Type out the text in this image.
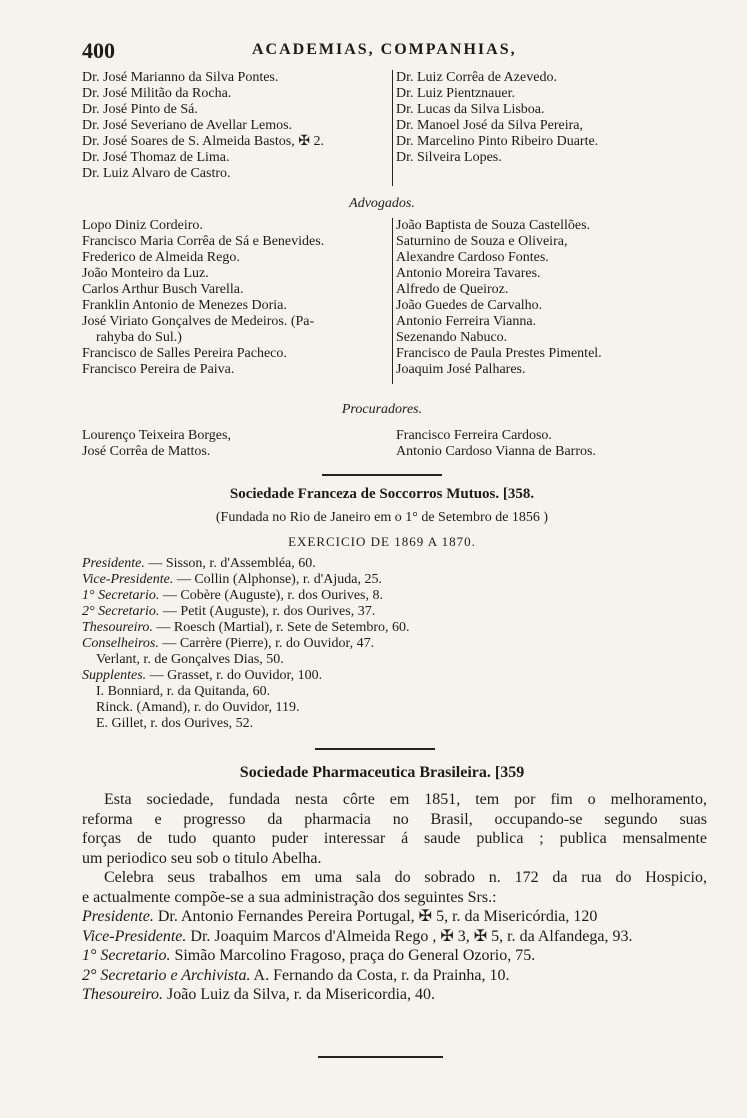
400	ACADEMIAS, COMPANHIAS,
Dr. José Marianno da Silva Pontes.
Dr. José Militão da Rocha.
Dr. José Pinto de Sá.
Dr. José Severiano de Avellar Lemos.
Dr. José Soares de S. Almeida Bastos, ✠ 2.
Dr. José Thomaz de Lima.
Dr. Luiz Alvaro de Castro.
Dr. Luiz Corrêa de Azevedo.
Dr. Luiz Pientznauer.
Dr. Lucas da Silva Lisboa.
Dr. Manoel José da Silva Pereira,
Dr. Marcelino Pinto Ribeiro Duarte.
Dr. Silveira Lopes.
Advogados.
Lopo Diniz Cordeiro.
Francisco Maria Corrêa de Sá e Benevides.
Frederico de Almeida Rego.
João Monteiro da Luz.
Carlos Arthur Busch Varella.
Franklin Antonio de Menezes Doria.
José Viriato Gonçalves de Medeiros. (Pa-
rahyba do Sul.)
Francisco de Salles Pereira Pacheco.
Francisco Pereira de Paiva.
João Baptista de Souza Castellões.
Saturnino de Souza e Oliveira,
Alexandre Cardoso Fontes.
Antonio Moreira Tavares.
Alfredo de Queiroz.
João Guedes de Carvalho.
Antonio Ferreira Vianna.
Sezenando Nabuco.
Francisco de Paula Prestes Pimentel.
Joaquim José Palhares.
Procuradores.
Lourenço Teixeira Borges,
José Corrêa de Mattos.
Francisco Ferreira Cardoso.
Antonio Cardoso Vianna de Barros.
Sociedade Franceza de Soccorros Mutuos. [358.
(Fundada no Rio de Janeiro em o 1° de Setembro de 1856 )
EXERCICIO DE 1869 A 1870.
Presidente. — Sisson, r. d'Assembléa, 60.
Vice-Presidente. — Collin (Alphonse), r. d'Ajuda, 25.
1° Secretario. — Cobère (Auguste), r. dos Ourives, 8.
2° Secretario. — Petit (Auguste), r. dos Ourives, 37.
Thesoureiro. — Roesch (Martial), r. Sete de Setembro, 60.
Conselheiros. — Carrère (Pierre), r. do Ouvidor, 47.
Verlant, r. de Gonçalves Dias, 50.
Supplentes. — Grasset, r. do Ouvidor, 100.
I. Bonniard, r. da Quitanda, 60.
Rinck. (Amand), r. do Ouvidor, 119.
E. Gillet, r. dos Ourives, 52.
Sociedade Pharmaceutica Brasileira. [359
Esta sociedade, fundada nesta côrte em 1851, tem por fim o melhoramento,
reforma e progresso da pharmacia no Brasil, occupando-se segundo suas
forças de tudo quanto puder interessar á saude publica ; publica mensalmente
um periodico seu sob o titulo Abelha.
Celebra seus trabalhos em uma sala do sobrado n. 172 da rua do Hospicio,
e actualmente compõe-se a sua administração dos seguintes Srs.:
Presidente. Dr. Antonio Fernandes Pereira Portugal, ✠ 5, r. da Misericórdia, 120
Vice-Presidente. Dr. Joaquim Marcos d'Almeida Rego , ✠ 3, ✠ 5, r. da Alfandega, 93.
1° Secretario. Simão Marcolino Fragoso, praça do General Ozorio, 75.
2° Secretario e Archivista. A. Fernando da Costa, r. da Prainha, 10.
Thesoureiro. João Luiz da Silva, r. da Misericordia, 40.
